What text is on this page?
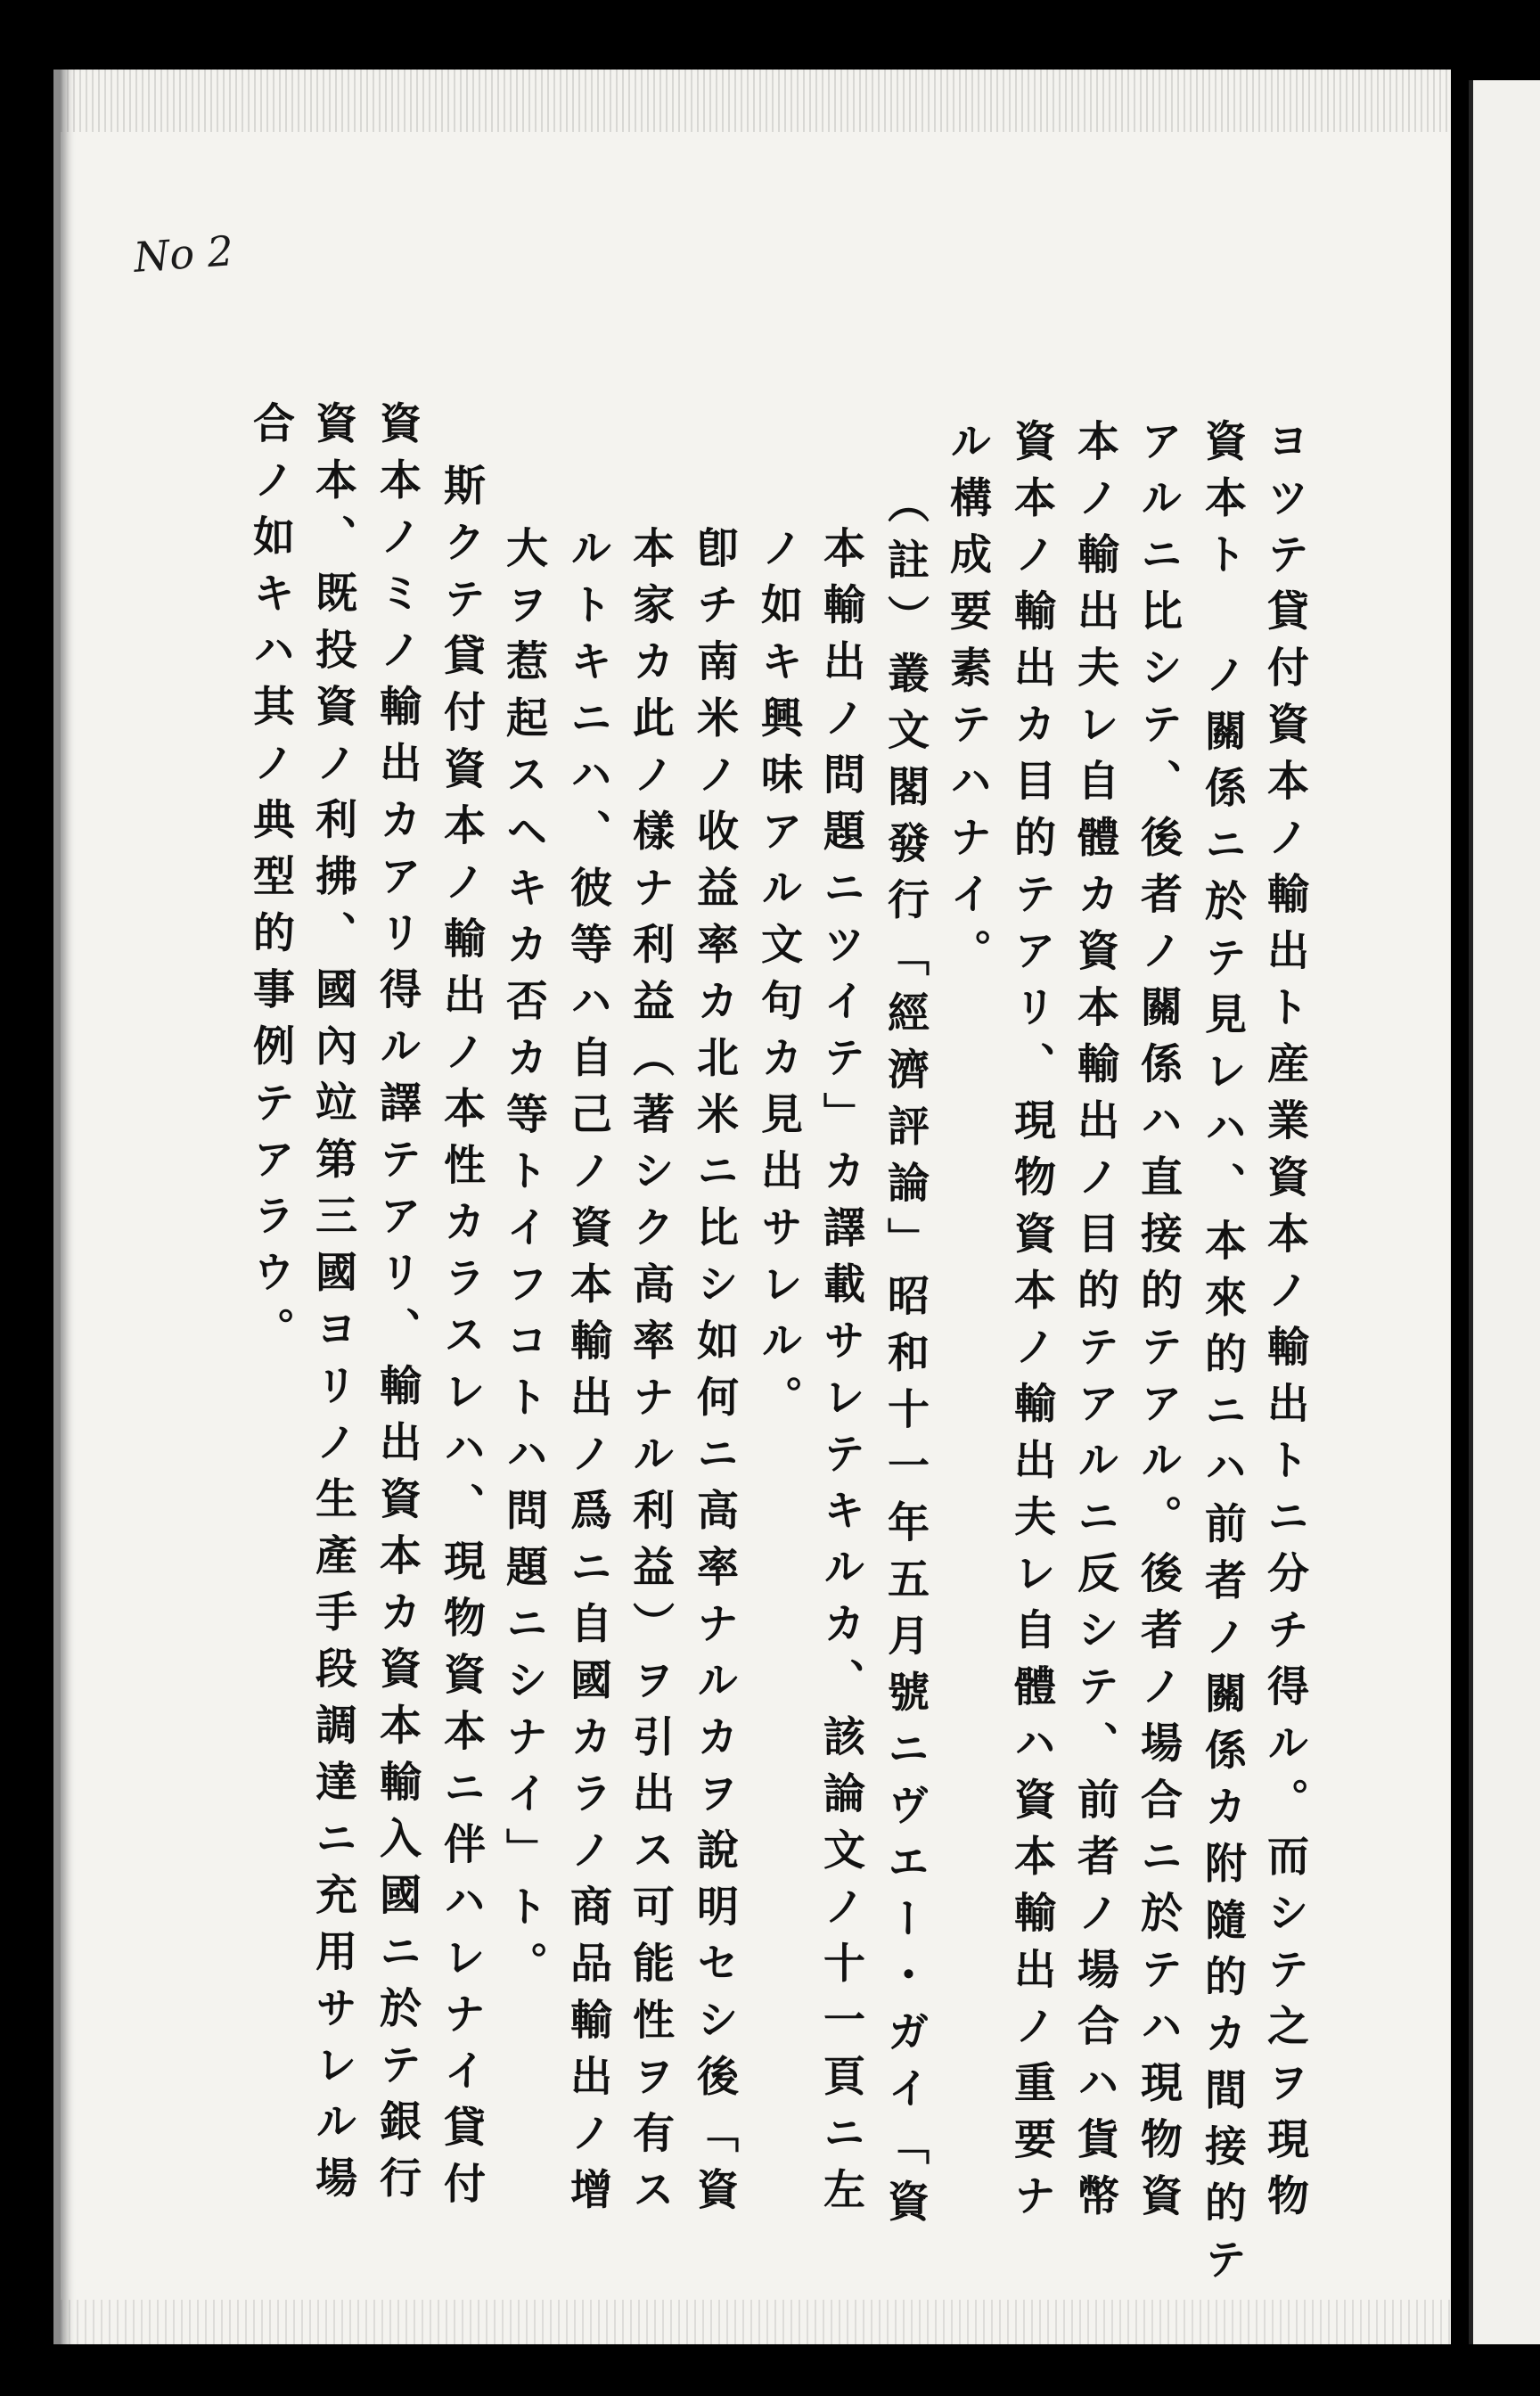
No 2
ヨツテ貸付資本ノ輸出ト産業資本ノ輸出トニ分チ得ル。而シテ之ヲ現物
資本ト ノ關係ニ於テ見レハ、本來的ニハ前者ノ關係カ附隨的カ間接的テ
アルニ比シテ、後者ノ關係ハ直接的テアル。後者ノ場合ニ於テハ現物資
本ノ輸出夫レ自體カ資本輸出ノ目的テアルニ反シテ、前者ノ場合ハ貨幣
資本ノ輸出カ目的テアリ、現物資本ノ輸出夫レ自體ハ資本輸出ノ重要ナ
ル構成要素テハナイ。
（註）叢文閣發行「經濟評論」昭和十一年五月號ニヴエー・ガイ「資
本輸出ノ問題ニツイテ」カ譯載サレテキルカ、該論文ノ十一頁ニ左
ノ如キ興味アル文句カ見出サレル。
卽チ南米ノ收益率カ北米ニ比シ如何ニ高率ナルカヲ說明セシ後「資
本家カ此ノ樣ナ利益（著シク高率ナル利益）ヲ引出ス可能性ヲ有ス
ルトキニハ、彼等ハ自己ノ資本輸出ノ爲ニ自國カラノ商品輸出ノ增
大ヲ惹起スヘキカ否カ等トイフコトハ問題ニシナイ」ト。
斯クテ貸付資本ノ輸出ノ本性カラスレハ、現物資本ニ伴ハレナイ貸付
資本ノミノ輸出カアリ得ル譯テアリ、輸出資本カ資本輸入國ニ於テ銀行
資本、既投資ノ利拂、國內竝第三國ヨリノ生產手段調達ニ充用サレル場
合ノ如キハ其ノ典型的事例テアラウ。
